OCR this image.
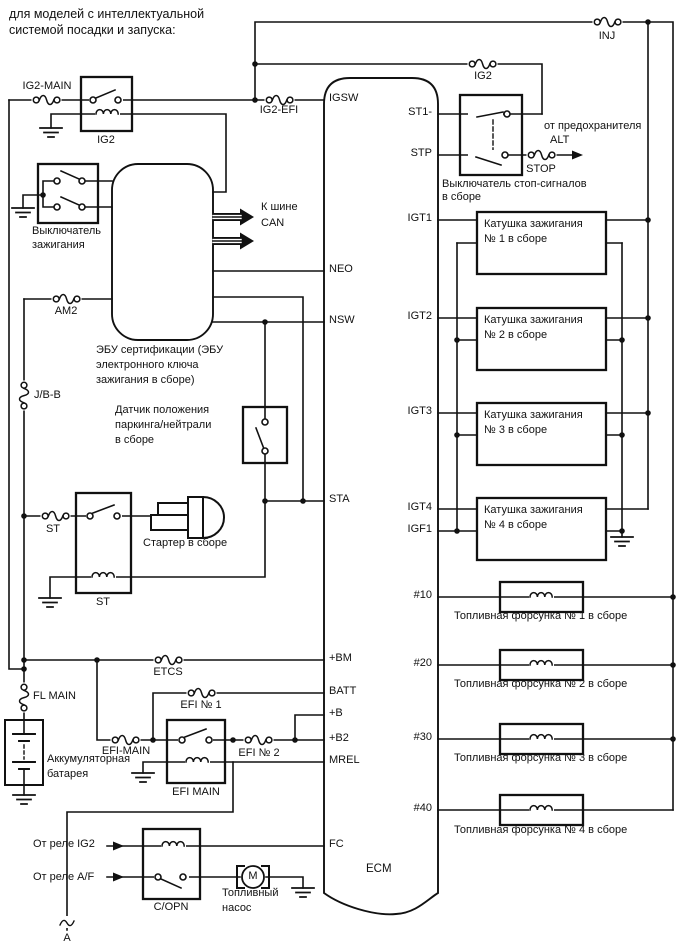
для моделей с интеллектуальной
системой посадки и запуска:
IG2-MAIN
IG2
IG2-EFI
INJ
IG2
STOP
от предохранителя
ALT
Выключатель стоп-сигналов
в сборе
Выключатель
зажигания
К шине
CAN
AM2
ЭБУ сертификации (ЭБУ
электронного ключа
зажигания в сборе)
J/B-B
Датчик положения
паркинга/нейтрали
в сборе
ST
Стартер в сборе
ST
ETCS
EFI № 1
FL MAIN
EFI-MAIN	EFI № 2
EFI MAIN
Аккумуляторная
батарея
От реле IG2
От реле A/F
C/OPN
M
Топливный
насос
A
IGSW
NEO
NSW
STA
+BM
BATT
+B
+B2
MREL
FC
ECM
ST1-
STP
IGT1
IGT2
IGT3
IGT4
IGF1
#10
#20
#30
#40
Катушка зажигания
№ 1 в сборе
Катушка зажигания
№ 2 в сборе
Катушка зажигания
№ 3 в сборе
Катушка зажигания
№ 4 в сборе
Топливная форсунка № 1 в сборе
Топливная форсунка № 2 в сборе
Топливная форсунка № 3 в сборе
Топливная форсунка № 4 в сборе
